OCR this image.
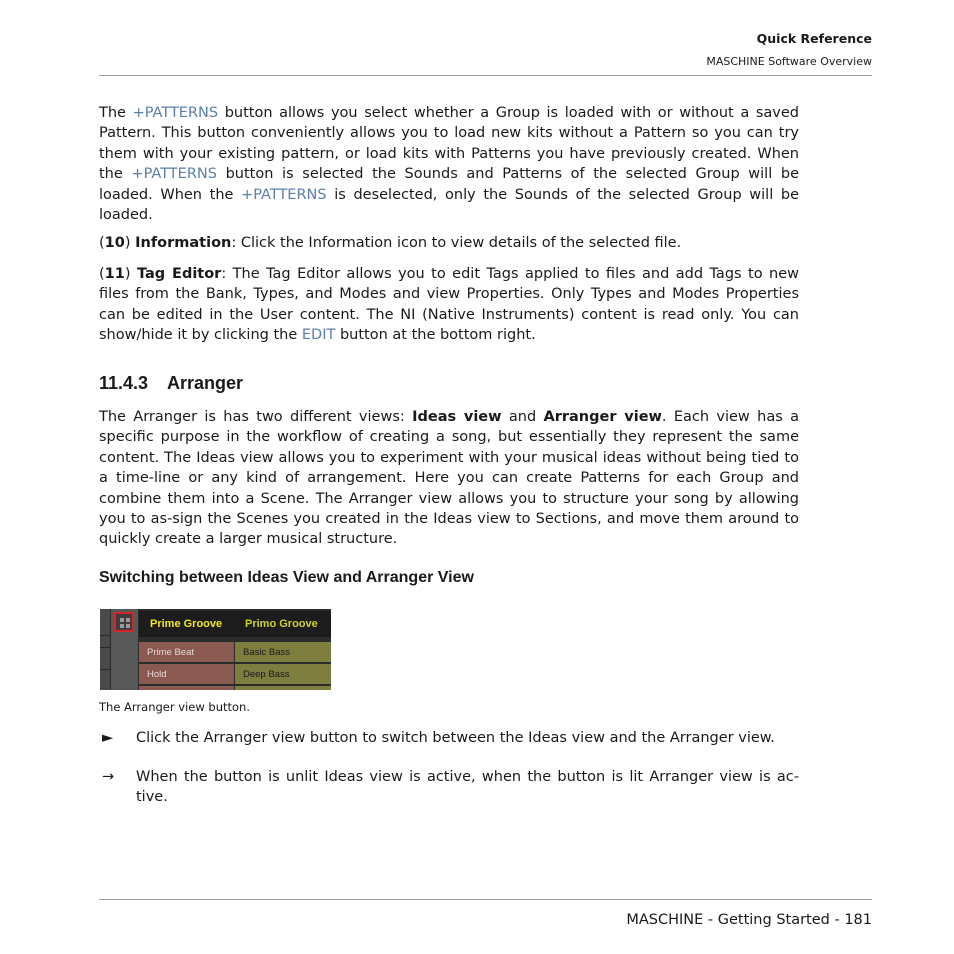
Quick Reference
MASCHINE Software Overview

The +PATTERNS button allows you select whether a Group is loaded with or without a saved Pattern. This button conveniently allows you to load new kits without a Pattern so you can try them with your existing pattern, or load kits with Patterns you have previously created. When the +PATTERNS button is selected the Sounds and Patterns of the selected Group will be loaded. When the +PATTERNS is deselected, only the Sounds of the selected Group will be loaded.

(10) Information: Click the Information icon to view details of the selected file.

(11) Tag Editor: The Tag Editor allows you to edit Tags applied to files and add Tags to new files from the Bank, Types, and Modes and view Properties. Only Types and Modes Properties can be edited in the User content. The NI (Native Instruments) content is read only. You can show/hide it by clicking the EDIT button at the bottom right.

11.4.3 Arranger

The Arranger is has two different views: Ideas view and Arranger view. Each view has a specific purpose in the workflow of creating a song, but essentially they represent the same content. The Ideas view allows you to experiment with your musical ideas without being tied to a time-line or any kind of arrangement. Here you can create Patterns for each Group and combine them into a Scene. The Arranger view allows you to structure your song by allowing you to as-sign the Scenes you created in the Ideas view to Sections, and move them around to quickly create a larger musical structure.

Switching between Ideas View and Arranger View
Prime Groove Primo Groove
Prime Beat	Basic Bass
Hold	Deep Bass
The Arranger view button.
► Click the Arranger view button to switch between the Ideas view and the Arranger view.

→ When the button is unlit Ideas view is active, when the button is lit Arranger view is ac-tive.

MASCHINE - Getting Started - 181
